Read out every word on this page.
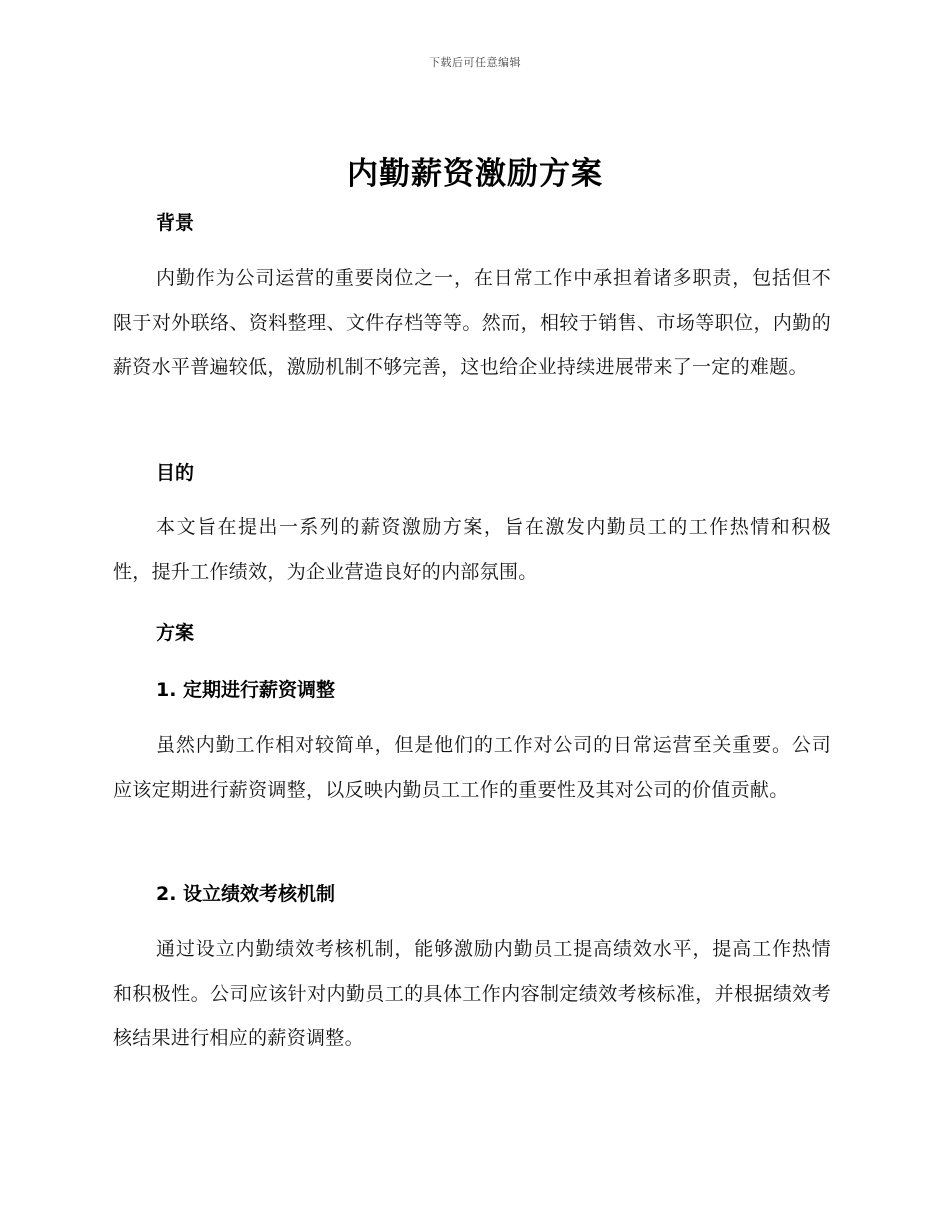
下载后可任意编辑
内勤薪资激励方案
背景

内勤作为公司运营的重要岗位之一，在日常工作中承担着诸多职责，包括但不限于对外联络、资料整理、文件存档等等。然而，相较于销售、市场等职位，内勤的薪资水平普遍较低，激励机制不够完善，这也给企业持续进展带来了一定的难题。

目的

本文旨在提出一系列的薪资激励方案，旨在激发内勤员工的工作热情和积极性，提升工作绩效，为企业营造良好的内部氛围。

方案
1. 定期进行薪资调整

虽然内勤工作相对较简单，但是他们的工作对公司的日常运营至关重要。公司应该定期进行薪资调整，以反映内勤员工工作的重要性及其对公司的价值贡献。

2. 设立绩效考核机制

通过设立内勤绩效考核机制，能够激励内勤员工提高绩效水平，提高工作热情和积极性。公司应该针对内勤员工的具体工作内容制定绩效考核标准，并根据绩效考核结果进行相应的薪资调整。
